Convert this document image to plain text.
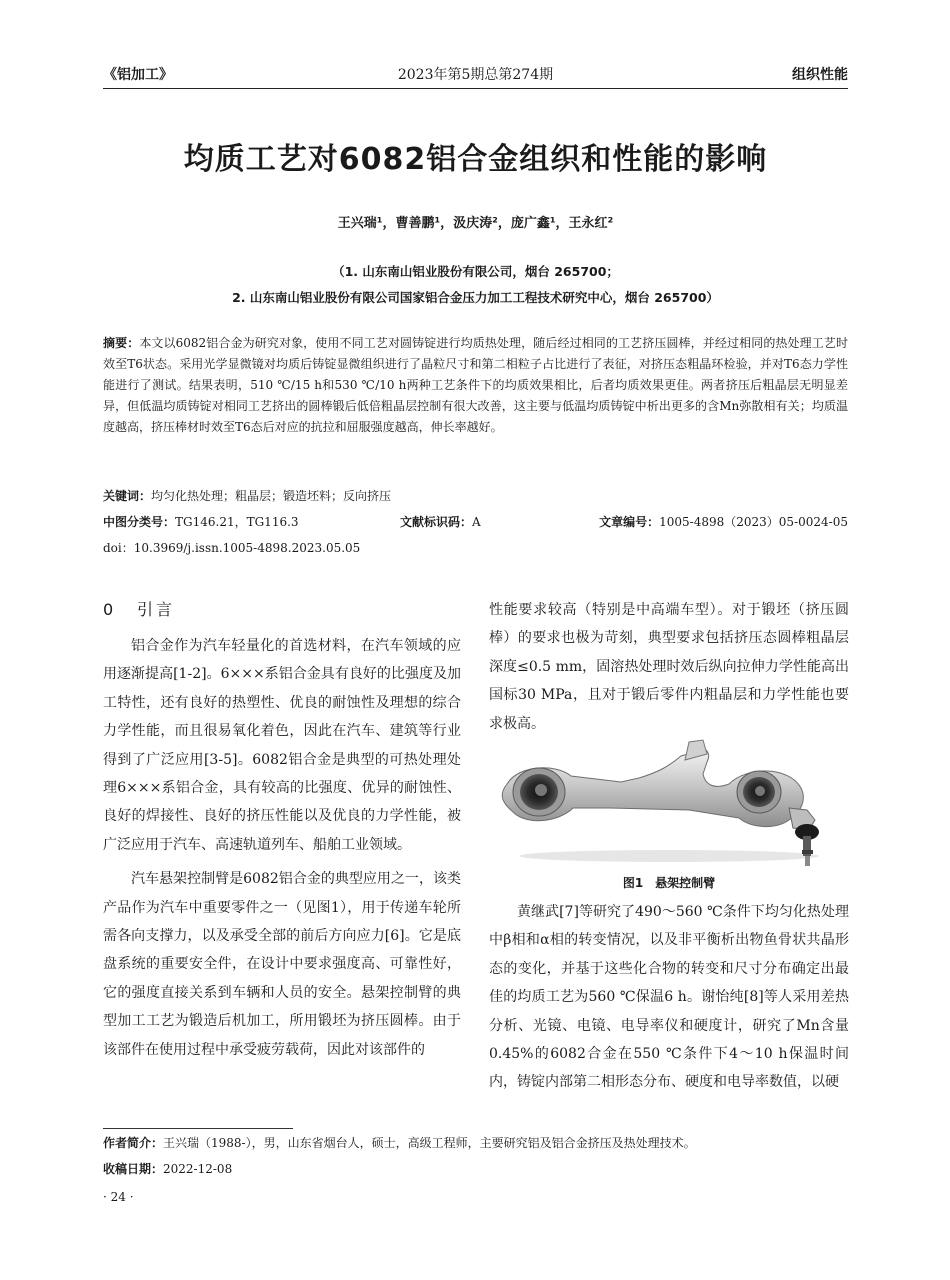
《铝加工》	2023年第5期总第274期	组织性能
均质工艺对6082铝合金组织和性能的影响
王兴瑞¹，曹善鹏¹，汲庆涛²，庞广鑫¹，王永红²
（1. 山东南山铝业股份有限公司，烟台 265700；
2. 山东南山铝业股份有限公司国家铝合金压力加工工程技术研究中心，烟台 265700）

摘要：本文以6082铝合金为研究对象，使用不同工艺对圆铸锭进行均质热处理，随后经过相同的工艺挤压圆棒，并经过相同的热处理工艺时效至T6状态。采用光学显微镜对均质后铸锭显微组织进行了晶粒尺寸和第二相粒子占比进行了表征，对挤压态粗晶环检验，并对T6态力学性能进行了测试。结果表明，510 ℃/15 h和530 ℃/10 h两种工艺条件下的均质效果相比，后者均质效果更佳。两者挤压后粗晶层无明显差异，但低温均质铸锭对相同工艺挤出的圆棒锻后低倍粗晶层控制有很大改善，这主要与低温均质铸锭中析出更多的含Mn弥散相有关；均质温度越高，挤压棒材时效至T6态后对应的抗拉和屈服强度越高，伸长率越好。

关键词：均匀化热处理；粗晶层；锻造坯料；反向挤压
中图分类号：TG146.21，TG116.3	文献标识码：A	文章编号：1005-4898（2023）05-0024-05
doi：10.3969/j.issn.1005-4898.2023.05.05
0 引言

铝合金作为汽车轻量化的首选材料，在汽车领域的应用逐渐提高[1-2]。6×××系铝合金具有良好的比强度及加工特性，还有良好的热塑性、优良的耐蚀性及理想的综合力学性能，而且很易氧化着色，因此在汽车、建筑等行业得到了广泛应用[3-5]。6082铝合金是典型的可热处理处理6×××系铝合金，具有较高的比强度、优异的耐蚀性、良好的焊接性、良好的挤压性能以及优良的力学性能，被广泛应用于汽车、高速轨道列车、船舶工业领域。

汽车悬架控制臂是6082铝合金的典型应用之一，该类产品作为汽车中重要零件之一（见图1），用于传递车轮所需各向支撑力，以及承受全部的前后方向应力[6]。它是底盘系统的重要安全件，在设计中要求强度高、可靠性好，它的强度直接关系到车辆和人员的安全。悬架控制臂的典型加工工艺为锻造后机加工，所用锻坯为挤压圆棒。由于该部件在使用过程中承受疲劳载荷，因此对该部件的

性能要求较高（特别是中高端车型）。对于锻坯（挤压圆棒）的要求也极为苛刻，典型要求包括挤压态圆棒粗晶层深度≤0.5 mm，固溶热处理时效后纵向拉伸力学性能高出国标30 MPa，且对于锻后零件内粗晶层和力学性能也要求极高。

图1　悬架控制臂

黄继武[7]等研究了490～560 ℃条件下均匀化热处理中β相和α相的转变情况，以及非平衡析出物鱼骨状共晶形态的变化，并基于这些化合物的转变和尺寸分布确定出最佳的均质工艺为560 ℃保温6 h。谢怡纯[8]等人采用差热分析、光镜、电镜、电导率仪和硬度计，研究了Mn含量0.45%的6082合金在550 ℃条件下4～10 h保温时间内，铸锭内部第二相形态分布、硬度和电导率数值，以硬

作者简介：王兴瑞（1988-），男，山东省烟台人，硕士，高级工程师，主要研究铝及铝合金挤压及热处理技术。
收稿日期：2022-12-08
· 24 ·
